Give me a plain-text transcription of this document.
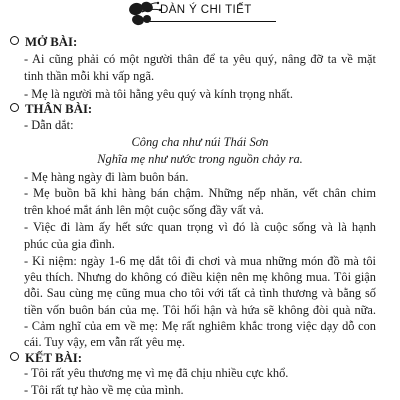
DÀN Ý CHI TIẾT
MỞ BÀI:
- Ai cũng phải có một người thân để ta yêu quý, nâng đỡ ta về mặt
tinh thần mỗi khi vấp ngã.
- Mẹ là người mà tôi hằng yêu quý và kính trọng nhất.
THÂN BÀI:
- Dẫn dắt:
Công cha như núi Thái Sơn
Nghĩa mẹ như nước trong nguồn chảy ra.
- Mẹ hàng ngày đi làm buôn bán.
- Mẹ buồn bã khi hàng bán chậm. Những nếp nhăn, vết chân chim
trên khoé mắt ánh lên một cuộc sống đầy vất vả.
- Việc đi làm ấy hết sức quan trọng vì đó là cuộc sống và là hạnh
phúc của gia đình.
- Kỉ niệm: ngày 1-6 mẹ dắt tôi đi chơi và mua những món đồ mà tôi
yêu thích. Nhưng do không có điều kiện nên mẹ không mua. Tôi giận
dỗi. Sau cùng mẹ cũng mua cho tôi với tất cả tình thương và bằng số
tiền vốn buôn bán của mẹ. Tôi hối hận và hứa sẽ không đòi quà nữa.
- Cảm nghĩ của em về mẹ: Mẹ rất nghiêm khắc trong việc dạy dỗ con
cái. Tuy vậy, em vẫn rất yêu mẹ.
KẾT BÀI:
- Tôi rất yêu thương mẹ vì mẹ đã chịu nhiều cực khổ.
- Tôi rất tự hào về mẹ của mình.
